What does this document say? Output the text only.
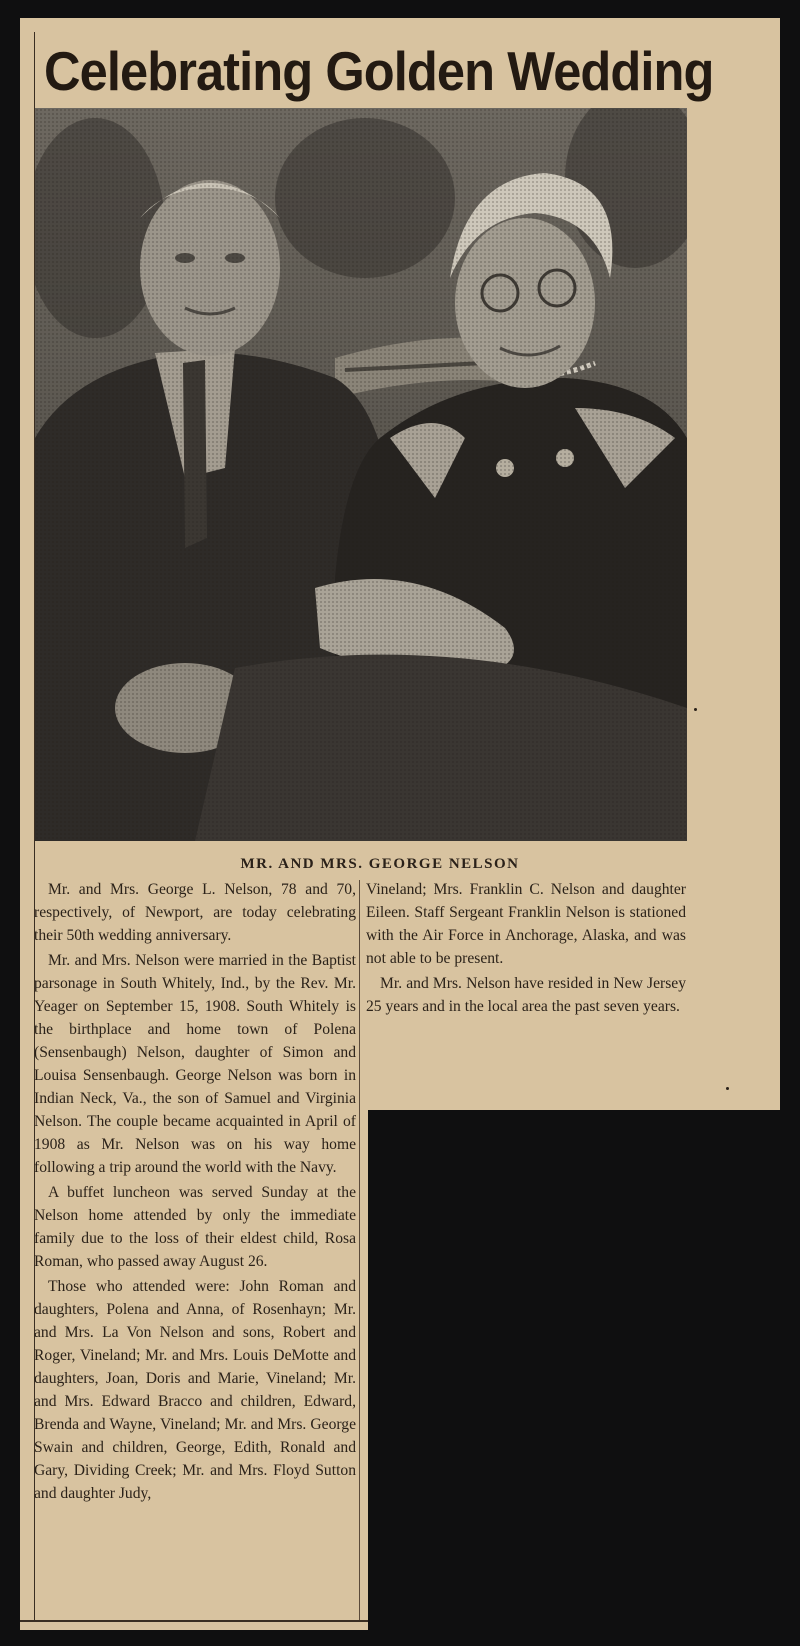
Celebrating Golden Wedding
MR. AND MRS. GEORGE NELSON

Mr. and Mrs. George L. Nelson, 78 and 70, respectively, of Newport, are today celebrating their 50th wedding anniversary.

Mr. and Mrs. Nelson were married in the Baptist parsonage in South Whitely, Ind., by the Rev. Mr. Yeager on September 15, 1908. South Whitely is the birthplace and home town of Polena (Sensenbaugh) Nelson, daughter of Simon and Louisa Sensenbaugh. George Nelson was born in Indian Neck, Va., the son of Samuel and Virginia Nelson. The couple became acquainted in April of 1908 as Mr. Nelson was on his way home following a trip around the world with the Navy.

A buffet luncheon was served Sunday at the Nelson home attended by only the immediate family due to the loss of their eldest child, Rosa Roman, who passed away August 26.

Those who attended were: John Roman and daughters, Polena and Anna, of Rosenhayn; Mr. and Mrs. La Von Nelson and sons, Robert and Roger, Vineland; Mr. and Mrs. Louis DeMotte and daughters, Joan, Doris and Marie, Vineland; Mr. and Mrs. Edward Bracco and children, Edward, Brenda and Wayne, Vineland; Mr. and Mrs. George Swain and children, George, Edith, Ronald and Gary, Dividing Creek; Mr. and Mrs. Floyd Sutton and daughter Judy,

Vineland; Mrs. Franklin C. Nelson and daughter Eileen. Staff Sergeant Franklin Nelson is stationed with the Air Force in Anchorage, Alaska, and was not able to be present.

Mr. and Mrs. Nelson have resided in New Jersey 25 years and in the local area the past seven years.
